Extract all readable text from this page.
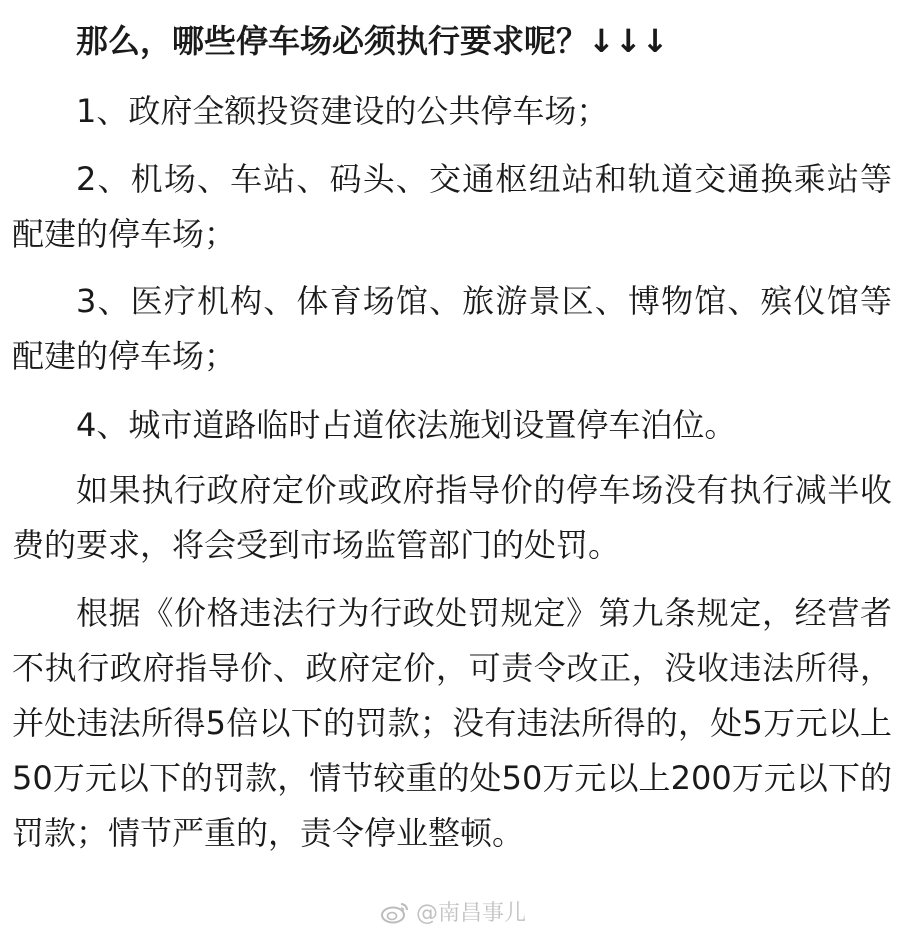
那么，哪些停车场必须执行要求呢？↓↓↓

1、政府全额投资建设的公共停车场；

2、机场、车站、码头、交通枢纽站和轨道交通换乘站等配建的停车场；

3、医疗机构、体育场馆、旅游景区、博物馆、殡仪馆等配建的停车场；

4、城市道路临时占道依法施划设置停车泊位。

如果执行政府定价或政府指导价的停车场没有执行减半收费的要求，将会受到市场监管部门的处罚。

根据《价格违法行为行政处罚规定》第九条规定，经营者不执行政府指导价、政府定价，可责令改正，没收违法所得，并处违法所得5倍以下的罚款；没有违法所得的，处5万元以上50万元以下的罚款，情节较重的处50万元以上200万元以下的罚款；情节严重的，责令停业整顿。

@南昌事儿
